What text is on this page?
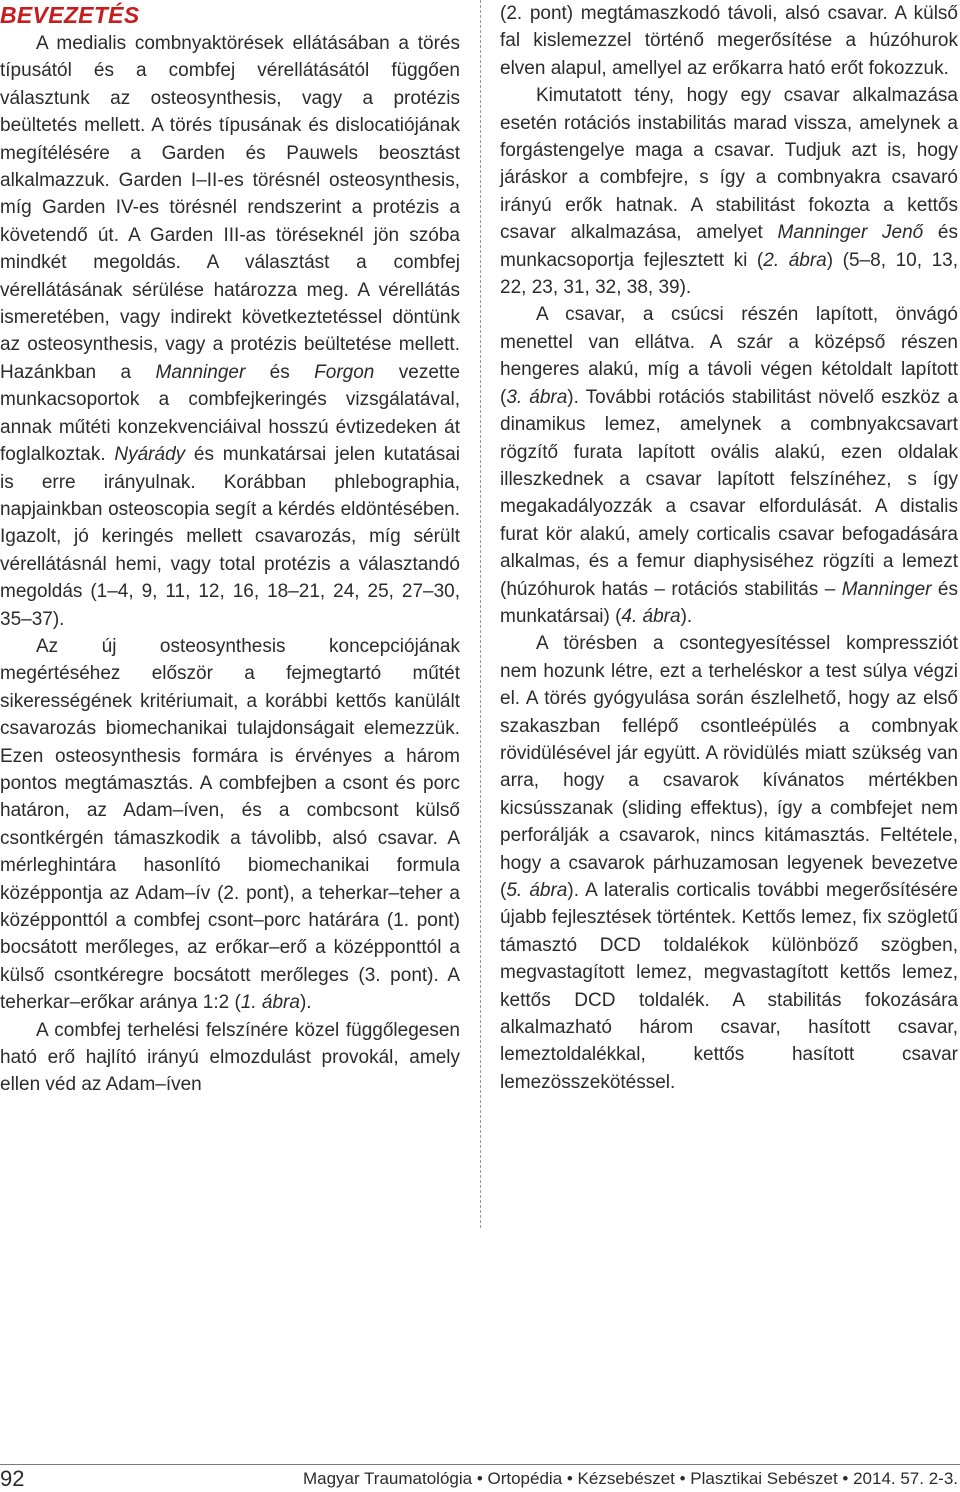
BEVEZETÉS

A medialis combnyaktörések ellátásában a törés típusától és a combfej vérellátásától függően választunk az osteosynthesis, vagy a protézis beültetés mellett. A törés típusának és dislocatiójának megítélésére a Garden és Pauwels beosztást alkalmazzuk. Garden I–II-es törésnél osteosynthesis, míg Garden IV-es törésnél rendszerint a protézis a követendő út. A Garden III-as töréseknél jön szóba mindkét megoldás. A választást a combfej vérellátásának sérülése határozza meg. A vérellátás ismeretében, vagy indirekt következtetéssel döntünk az osteosynthesis, vagy a protézis beültetése mellett. Hazánkban a Manninger és Forgon vezette munkacsoportok a combfejkeringés vizsgálatával, annak műtéti konzekvenciáival hosszú évtizedeken át foglalkoztak. Nyárády és munkatársai jelen kutatásai is erre irányulnak. Korábban phlebographia, napjainkban osteoscopia segít a kérdés eldöntésében. Igazolt, jó keringés mellett csavarozás, míg sérült vérellátásnál hemi, vagy total protézis a választandó megoldás (1–4, 9, 11, 12, 16, 18–21, 24, 25, 27–30, 35–37).

Az új osteosynthesis koncepciójának megértéséhez először a fejmegtartó műtét sikerességének kritériumait, a korábbi kettős kanülált csavarozás biomechanikai tulajdonságait elemezzük. Ezen osteosynthesis formára is érvényes a három pontos megtámasztás. A combfejben a csont és porc határon, az Adam–íven, és a combcsont külső csontkérgén támaszkodik a távolibb, alsó csavar. A mérleghintára hasonlító biomechanikai formula középpontja az Adam–ív (2. pont), a teherkar–teher a középponttól a combfej csont–porc határára (1. pont) bocsátott merőleges, az erőkar–erő a középponttól a külső csontkéregre bocsátott merőleges (3. pont). A teherkar–erőkar aránya 1:2 (1. ábra).

A combfej terhelési felszínére közel függőlegesen ható erő hajlító irányú elmozdulást provokál, amely ellen véd az Adam–íven

(2. pont) megtámaszkodó távoli, alsó csavar. A külső fal kislemezzel történő megerősítése a húzóhurok elven alapul, amellyel az erőkarra ható erőt fokozzuk.

Kimutatott tény, hogy egy csavar alkalmazása esetén rotációs instabilitás marad vissza, amelynek a forgástengelye maga a csavar. Tudjuk azt is, hogy járáskor a combfejre, s így a combnyakra csavaró irányú erők hatnak. A stabilitást fokozta a kettős csavar alkalmazása, amelyet Manninger Jenő és munkacsoportja fejlesztett ki (2. ábra) (5–8, 10, 13, 22, 23, 31, 32, 38, 39).

A csavar, a csúcsi részén lapított, önvágó menettel van ellátva. A szár a középső részen hengeres alakú, míg a távoli végen kétoldalt lapított (3. ábra). További rotációs stabilitást növelő eszköz a dinamikus lemez, amelynek a combnyakcsavart rögzítő furata lapított ovális alakú, ezen oldalak illeszkednek a csavar lapított felszínéhez, s így megakadályozzák a csavar elfordulását. A distalis furat kör alakú, amely corticalis csavar befogadására alkalmas, és a femur diaphysiséhez rögzíti a lemezt (húzóhurok hatás – rotációs stabilitás – Manninger és munkatársai) (4. ábra).

A törésben a csontegyesítéssel kompressziót nem hozunk létre, ezt a terheléskor a test súlya végzi el. A törés gyógyulása során észlelhető, hogy az első szakaszban fellépő csontleépülés a combnyak rövidülésével jár együtt. A rövidülés miatt szükség van arra, hogy a csavarok kívánatos mértékben kicsússzanak (sliding effektus), így a combfejet nem perforálják a csavarok, nincs kitámasztás. Feltétele, hogy a csavarok párhuzamosan legyenek bevezetve (5. ábra). A lateralis corticalis további megerősítésére újabb fejlesztések történtek. Kettős lemez, fix szögletű támasztó DCD toldalékok különböző szögben, megvastagított lemez, megvastagított kettős lemez, kettős DCD toldalék. A stabilitás fokozására alkalmazható három csavar, hasított csavar, lemeztoldalékkal, kettős hasított csavar lemezösszekötéssel.

92	Magyar Traumatológia • Ortopédia • Kézsebészet • Plasztikai Sebészet • 2014. 57. 2-3.
